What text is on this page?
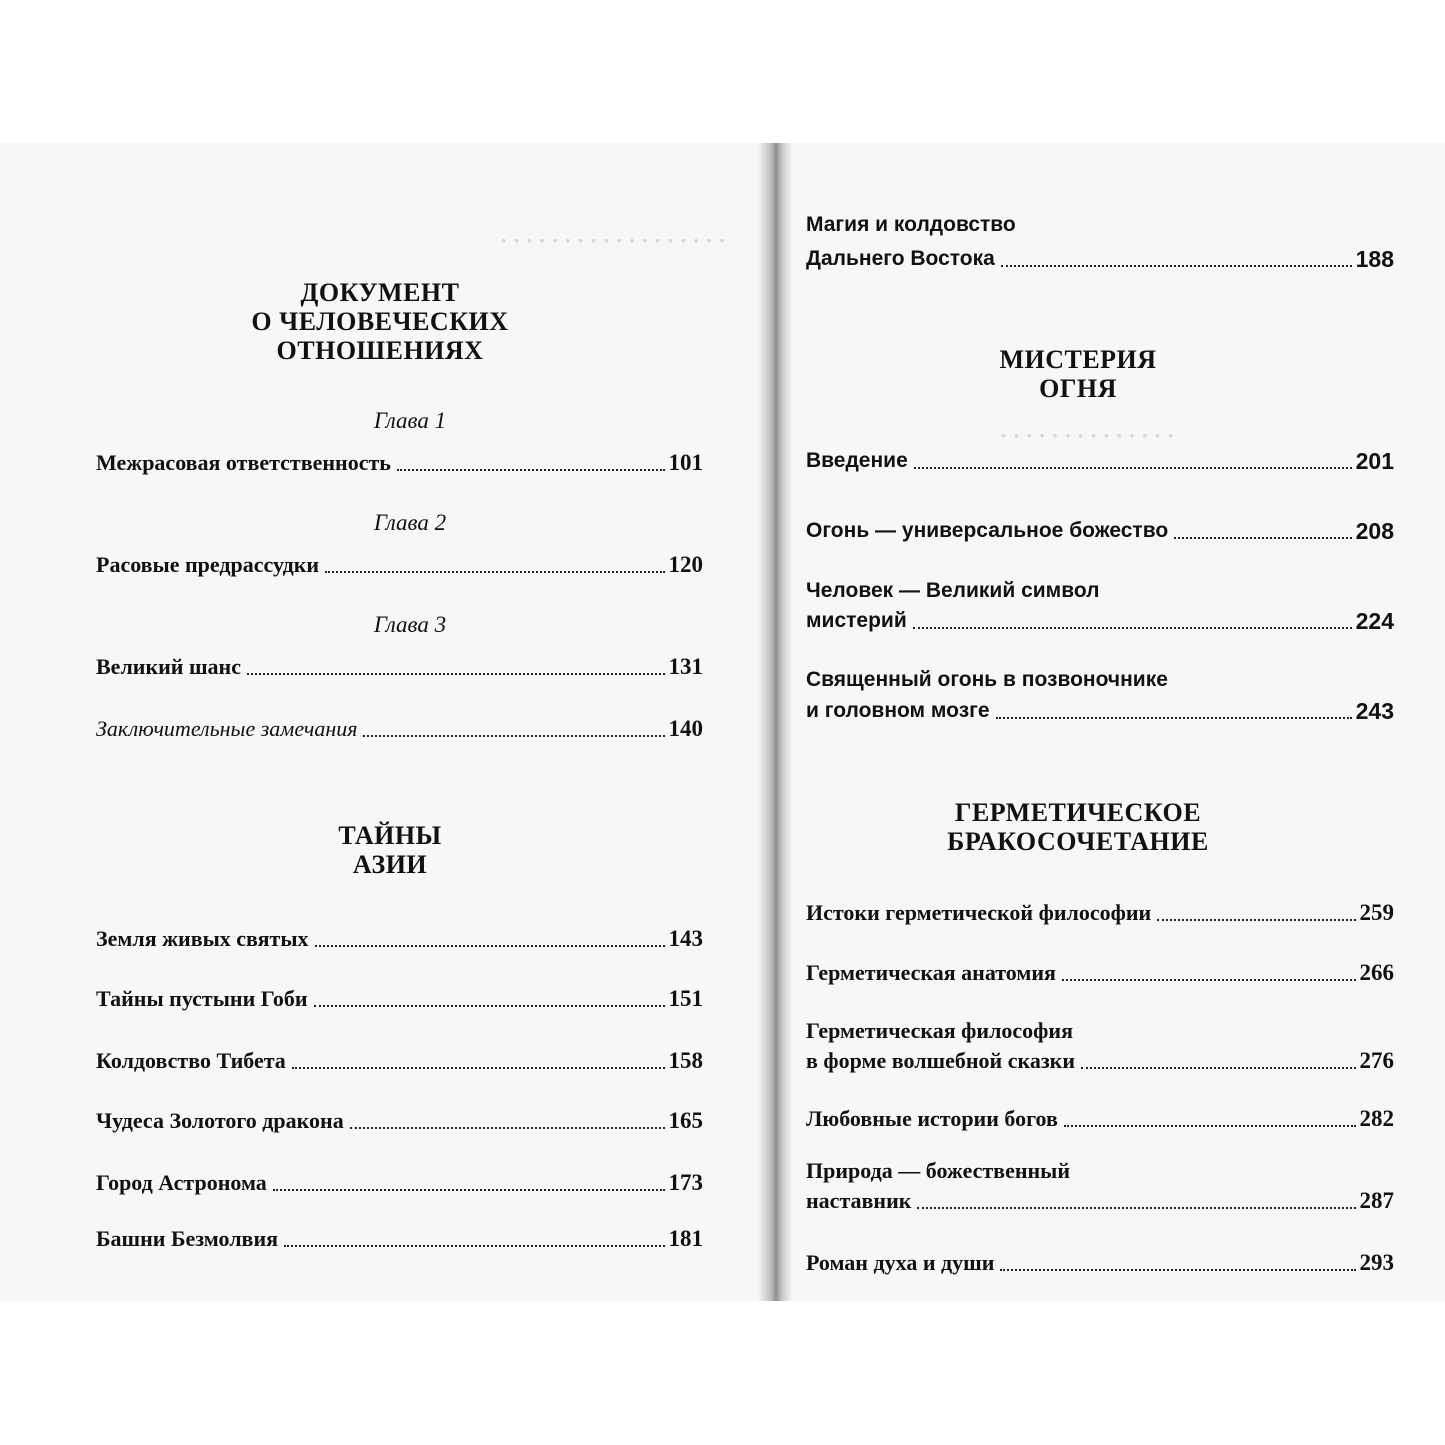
· · · · · · · · · · · · · · · · · ·
· · · · · · · · · · · · · ·
ДОКУМЕНТ
О ЧЕЛОВЕЧЕСКИХ
ОТНОШЕНИЯХ
Глава 1
Межрасовая ответственность	101
Глава 2
Расовые предрассудки	120
Глава 3
Великий шанс	131
Заключительные замечания	140
ТАЙНЫ
АЗИИ
Земля живых святых	143
Тайны пустыни Гоби	151
Колдовство Тибета	158
Чудеса Золотого дракона	165
Город Астронома	173
Башни Безмолвия	181
Магия и колдовство
Дальнего Востока	188
МИСТЕРИЯ
ОГНЯ
Введение	201
Огонь — универсальное божество	208
Человек — Великий символ
мистерий	224
Священный огонь в позвоночнике
и головном мозге	243
ГЕРМЕТИЧЕСКОЕ
БРАКОСОЧЕТАНИЕ
Истоки герметической философии	259
Герметическая анатомия	266
Герметическая философия
в форме волшебной сказки	276
Любовные истории богов	282
Природа — божественный
наставник	287
Роман духа и души	293
